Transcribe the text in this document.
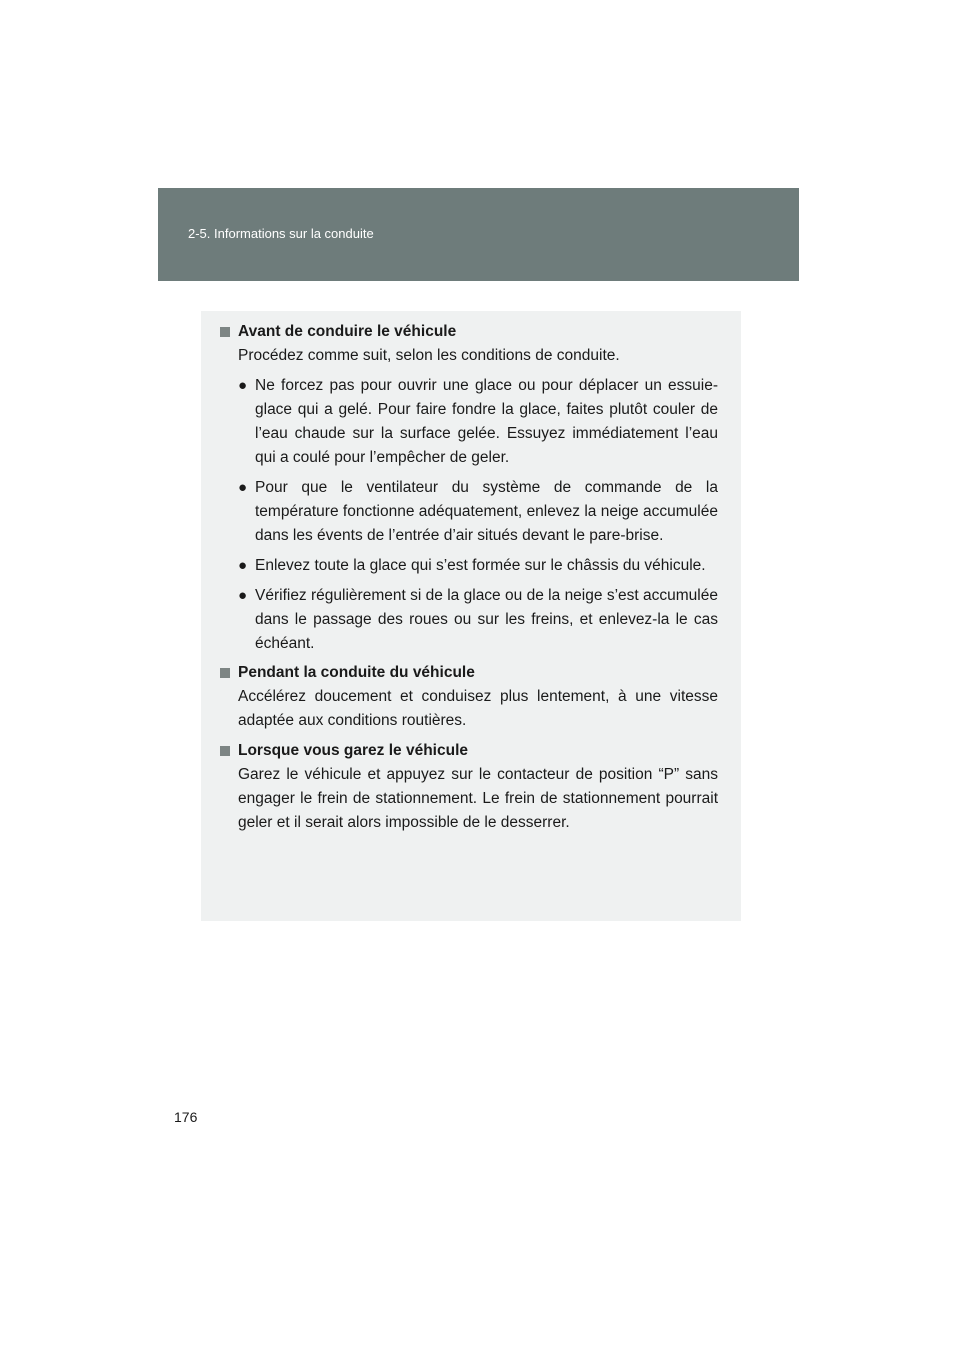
2-5. Informations sur la conduite
Avant de conduire le véhicule
Procédez comme suit, selon les conditions de conduite.
● Ne forcez pas pour ouvrir une glace ou pour déplacer un essuie-glace qui a gelé. Pour faire fondre la glace, faites plutôt couler de l’eau chaude sur la surface gelée. Essuyez immédiatement l’eau qui a coulé pour l’empêcher de geler.
● Pour que le ventilateur du système de commande de la température fonctionne adéquatement, enlevez la neige accumulée dans les évents de l’entrée d’air situés devant le pare-brise.
● Enlevez toute la glace qui s’est formée sur le châssis du véhicule.
● Vérifiez régulièrement si de la glace ou de la neige s’est accumulée dans le passage des roues ou sur les freins, et enlevez-la le cas échéant.
Pendant la conduite du véhicule
Accélérez doucement et conduisez plus lentement, à une vitesse adaptée aux conditions routières.
Lorsque vous garez le véhicule
Garez le véhicule et appuyez sur le contacteur de position “P” sans engager le frein de stationnement. Le frein de stationnement pourrait geler et il serait alors impossible de le desserrer.
176
